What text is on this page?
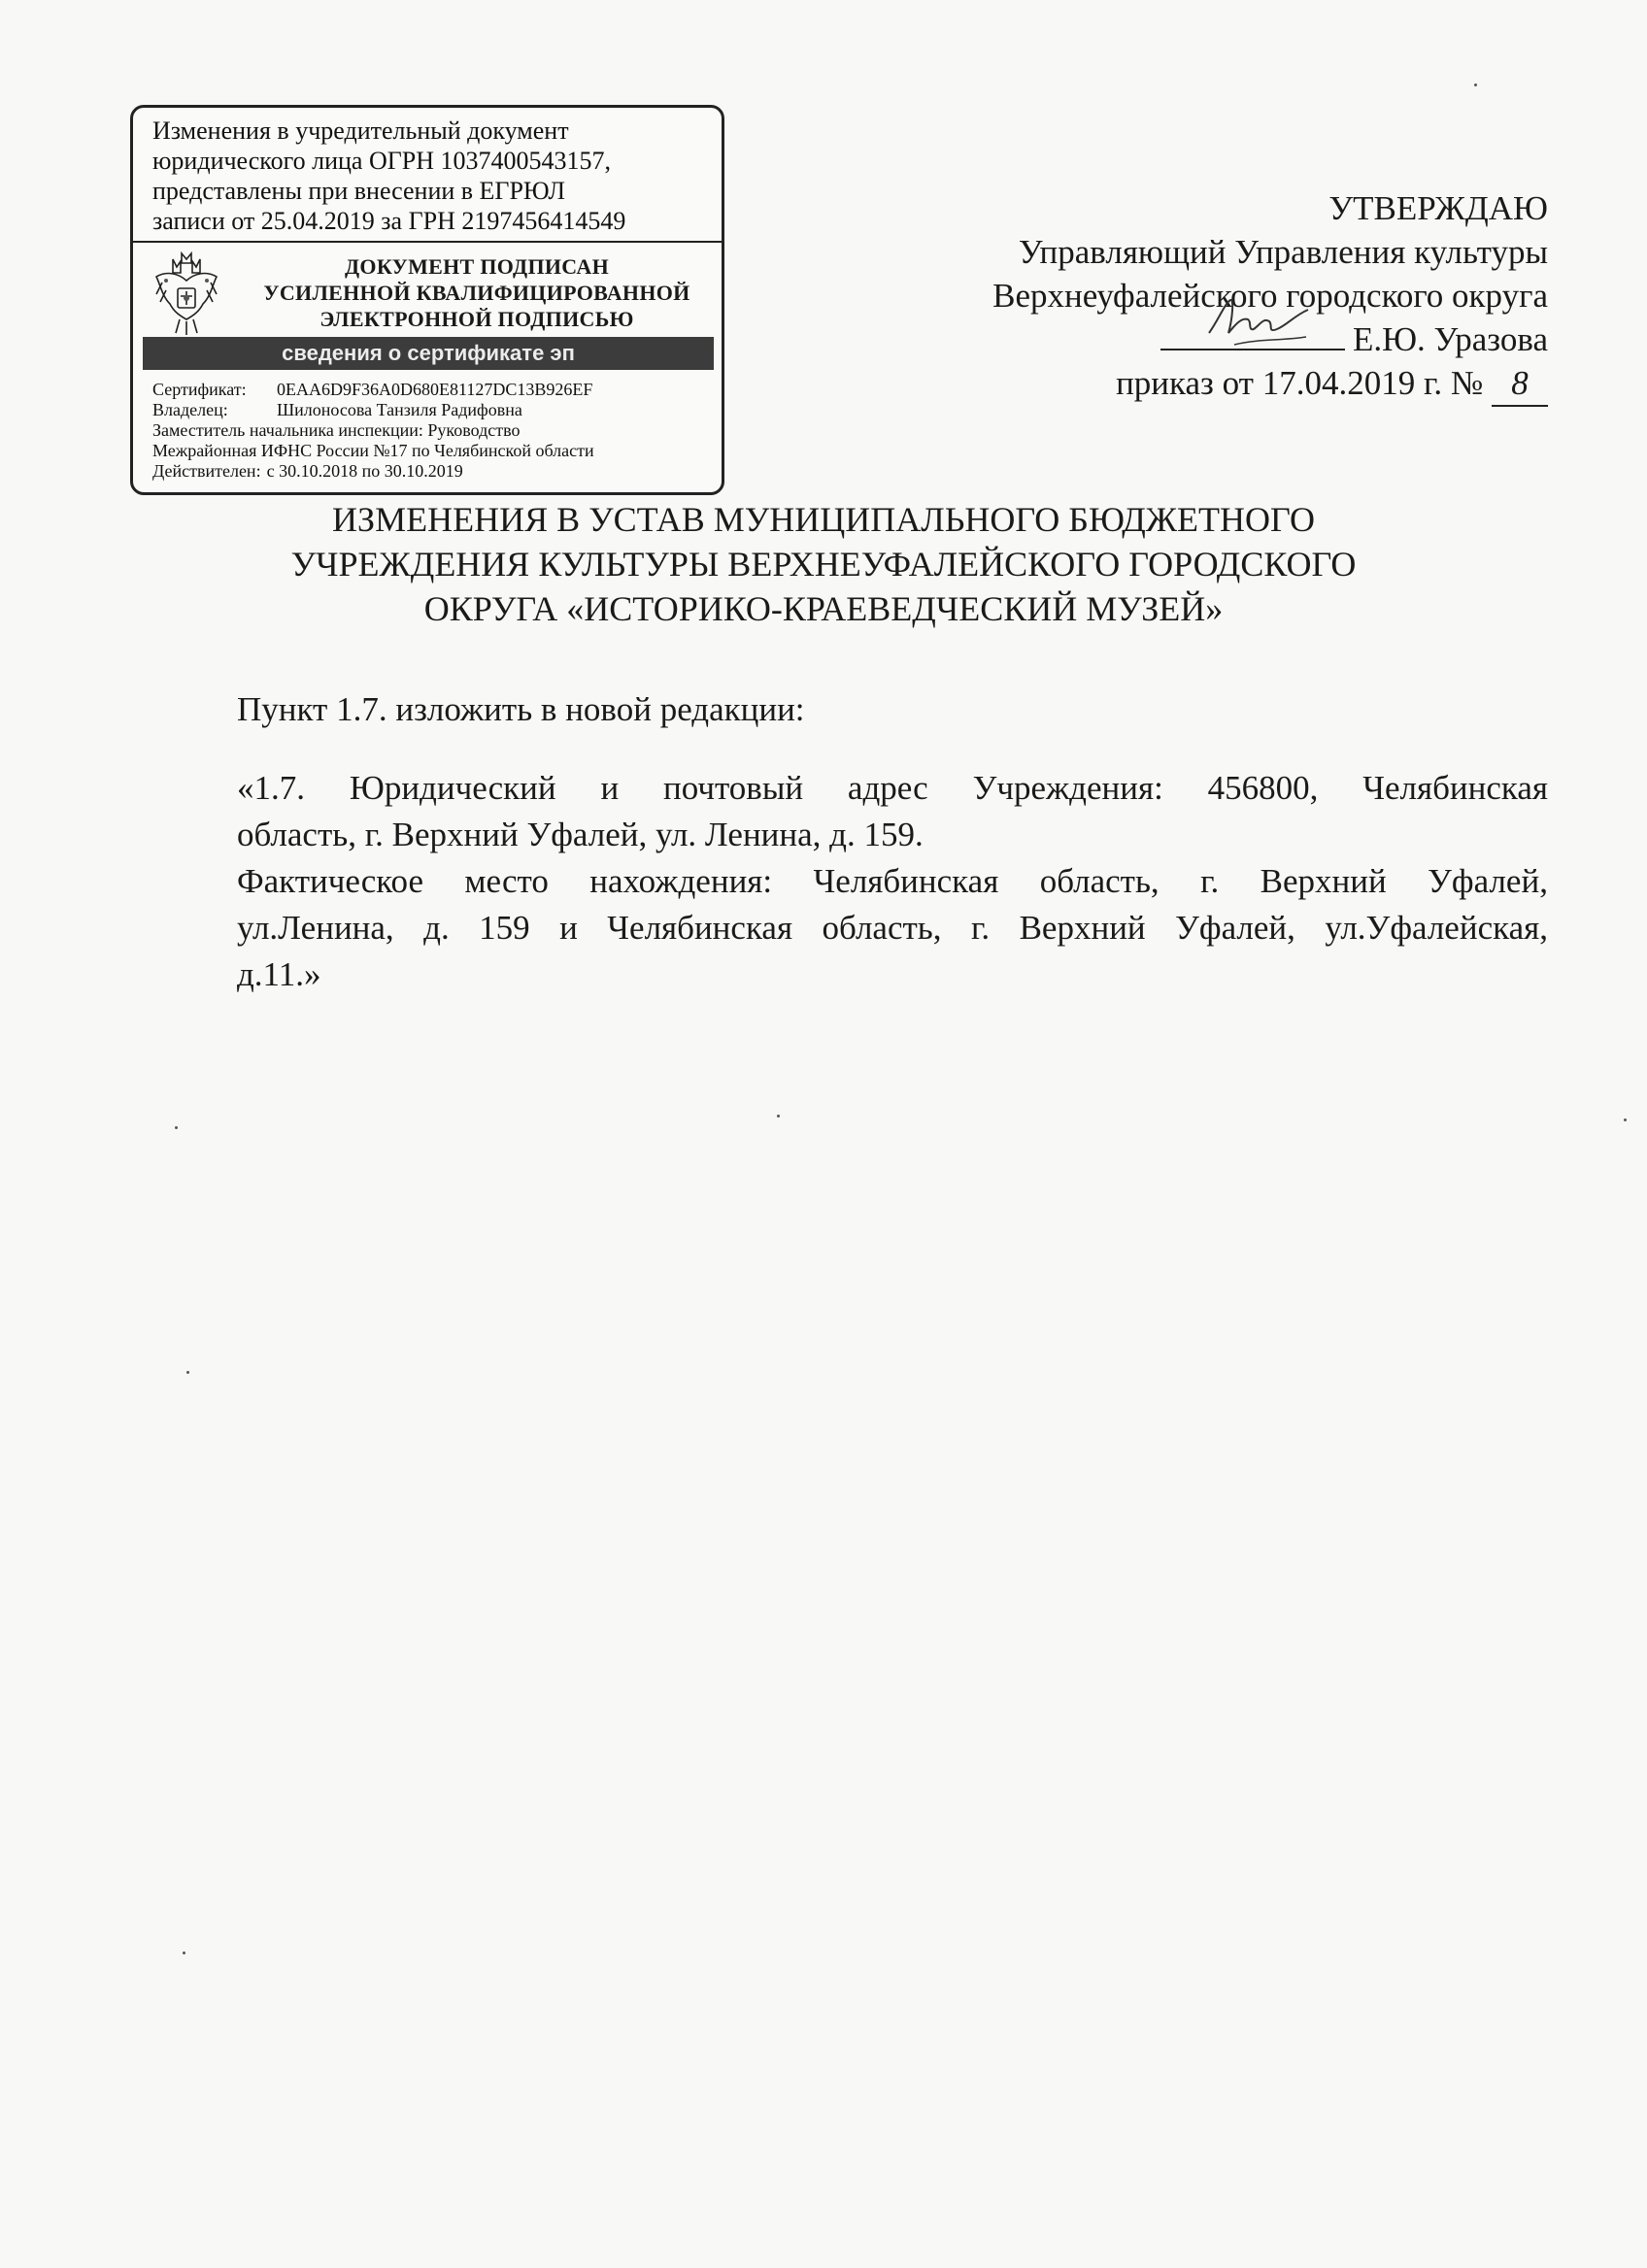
Изменения в учредительный документ
юридического лица ОГРН 1037400543157,
представлены при внесении в ЕГРЮЛ
записи от 25.04.2019 за ГРН 2197456414549
ДОКУМЕНТ ПОДПИСАН
УСИЛЕННОЙ КВАЛИФИЦИРОВАННОЙ
ЭЛЕКТРОННОЙ ПОДПИСЬЮ
сведения о сертификате эп
Сертификат: 0EAA6D9F36A0D680E81127DC13B926EF
Владелец:	Шилоносова Танзиля Радифовна
Заместитель начальника инспекции: Руководство
Межрайонная ИФНС России №17 по Челябинской области
Действителен: с 30.10.2018 по 30.10.2019
УТВЕРЖДАЮ
Управляющий Управления культуры
Верхнеуфалейского городского округа
Е.Ю. Уразова
приказ от 17.04.2019 г. № 8
ИЗМЕНЕНИЯ В УСТАВ МУНИЦИПАЛЬНОГО БЮДЖЕТНОГО
УЧРЕЖДЕНИЯ КУЛЬТУРЫ ВЕРХНЕУФАЛЕЙСКОГО ГОРОДСКОГО
ОКРУГА «ИСТОРИКО-КРАЕВЕДЧЕСКИЙ МУЗЕЙ»
Пункт 1.7. изложить в новой редакции:
«1.7. Юридический и почтовый адрес Учреждения: 456800, Челябинская
область, г. Верхний Уфалей, ул. Ленина, д. 159.
Фактическое место нахождения: Челябинская область, г. Верхний Уфалей,
ул.Ленина, д. 159 и Челябинская область, г. Верхний Уфалей, ул.Уфалейская,
д.11.»
